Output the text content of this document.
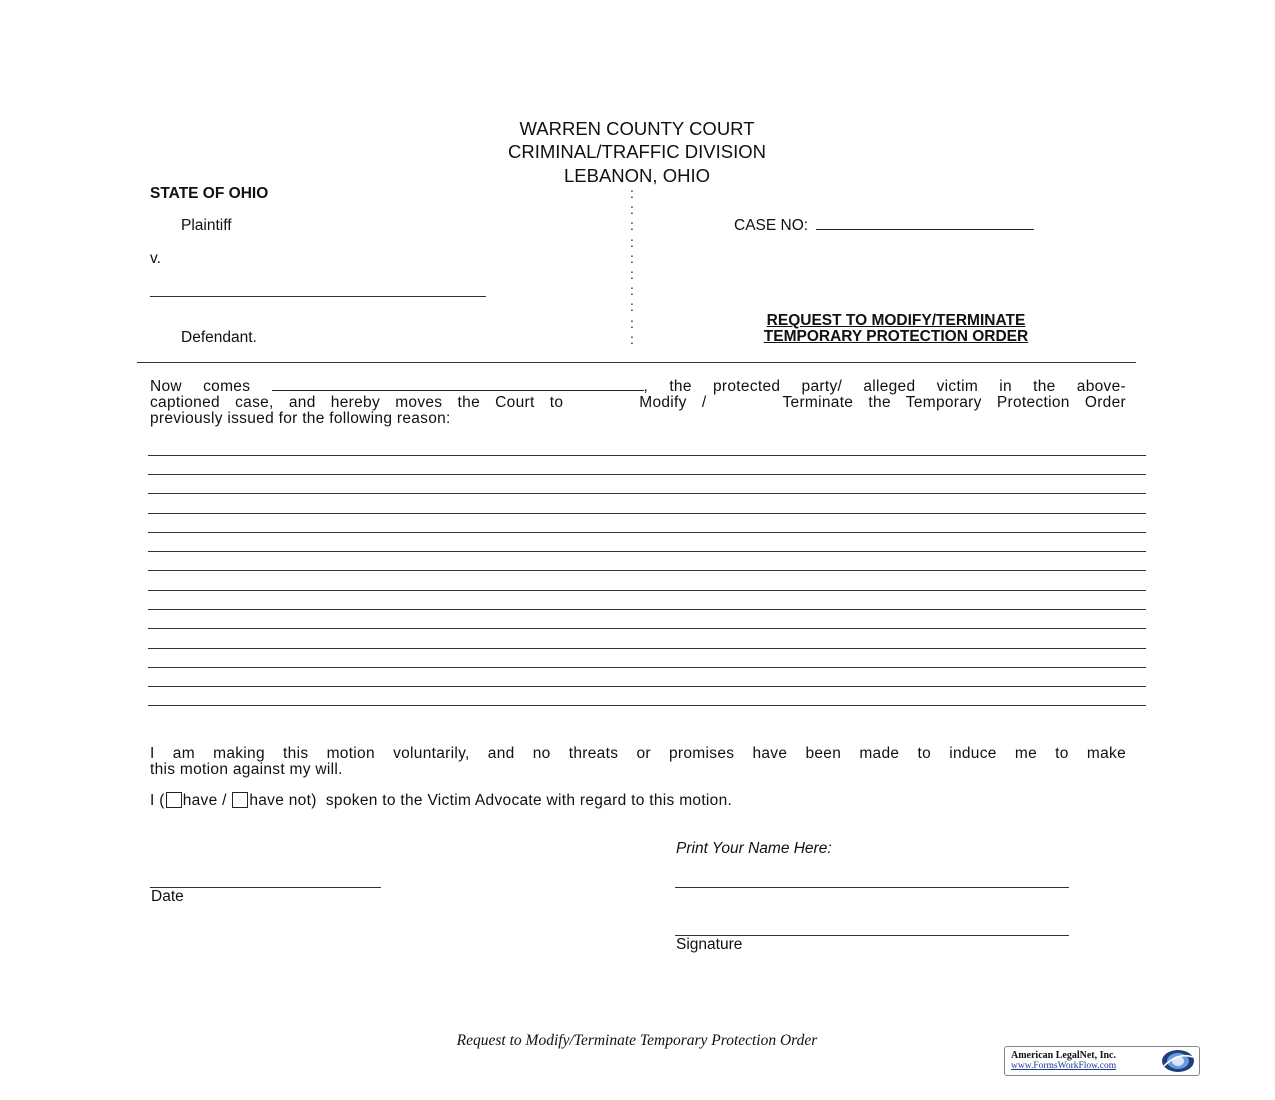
WARREN COUNTY COURT
CRIMINAL/TRAFFIC DIVISION
LEBANON, OHIO
STATE OF OHIO
Plaintiff
v.
Defendant.
:
:
:
:
:
:
:
:
:
:
CASE NO:
REQUEST TO MODIFY/TERMINATE
TEMPORARY PROTECTION ORDER
Now comes	, the protected party/ alleged victim in the above-
captioned case, and hereby moves the Court to     Modify /     Terminate the Temporary Protection Order
previously issued for the following reason:
I am making this motion voluntarily, and no threats or promises have been made to induce me to make
this motion against my will.
I ( have / have not) spoken to the Victim Advocate with regard to this motion.
Print Your Name Here:
Date
Signature
Request to Modify/Terminate Temporary Protection Order
American LegalNet, Inc.
www.FormsWorkFlow.com
